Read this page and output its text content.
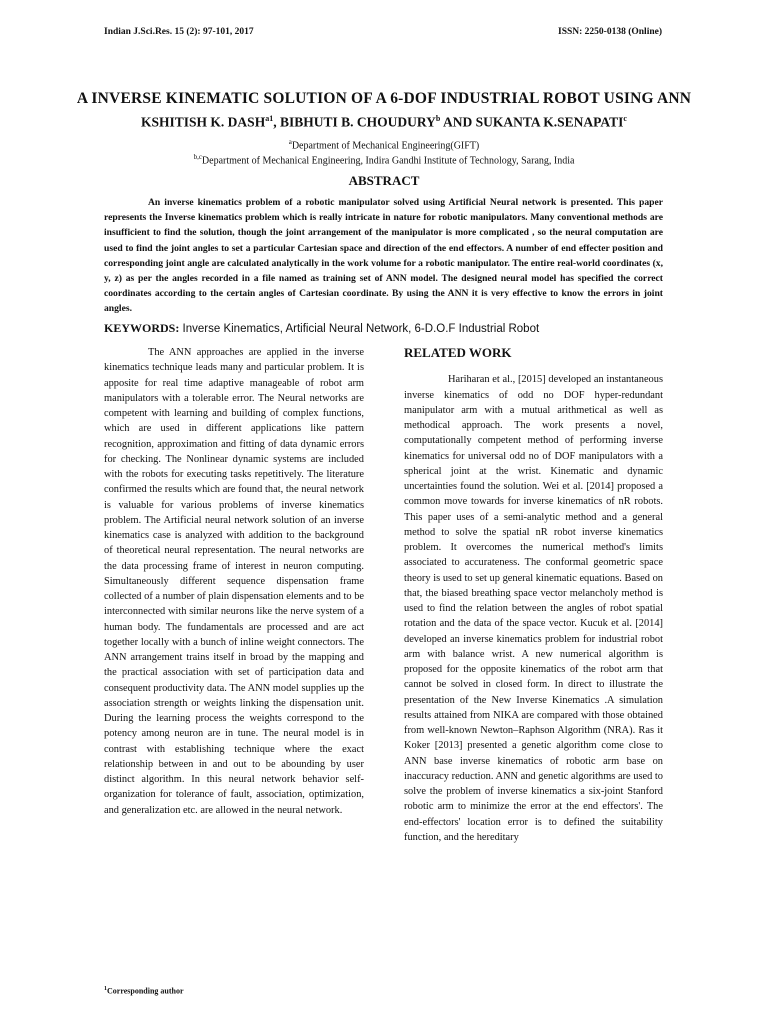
Indian J.Sci.Res. 15 (2): 97-101, 2017	ISSN: 2250-0138 (Online)
A INVERSE KINEMATIC SOLUTION OF A 6-DOF INDUSTRIAL ROBOT USING ANN
KSHITISH K. $DASH^{a1}$, BIBHUTI B. CHOUDURY$^b$ AND SUKANTA K.SENAPATI$^c$
$^a$Department of Mechanical Engineering(GIFT)
$^{b,c}$Department of Mechanical Engineering, Indira Gandhi Institute of Technology, Sarang, India
ABSTRACT
An inverse kinematics problem of a robotic manipulator solved using Artificial Neural network is presented. This paper represents the Inverse kinematics problem which is really intricate in nature for robotic manipulators. Many conventional methods are insufficient to find the solution, though the joint arrangement of the manipulator is more complicated , so the neural computation are used to find the joint angles to set a particular Cartesian space and direction of the end effectors. A number of end effecter position and corresponding joint angle are calculated analytically in the work volume for a robotic manipulator. The entire real-world coordinates (x, y, z) as per the angles recorded in a file named as training set of ANN model. The designed neural model has specified the correct coordinates according to the certain angles of Cartesian coordinate. By using the ANN it is very effective to know the errors in joint angles.
KEYWORDS: Inverse Kinematics, Artificial Neural Network, 6-D.O.F Industrial Robot

The ANN approaches are applied in the inverse kinematics technique leads many and particular problem. It is apposite for real time adaptive manageable of robot arm manipulators with a tolerable error. The Neural networks are competent with learning and building of complex functions, which are used in different applications like pattern recognition, approximation and fitting of data dynamic errors for checking. The Nonlinear dynamic systems are included with the robots for executing tasks repetitively. The literature confirmed the results which are found that, the neural network is valuable for various problems of inverse kinematics problem. The Artificial neural network solution of an inverse kinematics case is analyzed with addition to the background of theoretical neural representation. The neural networks are the data processing frame of interest in neuron computing. Simultaneously different sequence dispensation frame collected of a number of plain dispensation elements and to be interconnected with similar neurons like the nerve system of a human body. The fundamentals are processed and are act together locally with a bunch of inline weight connectors. The ANN arrangement trains itself in broad by the mapping and the practical association with set of participation data and consequent productivity data. The ANN model supplies up the association strength or weights linking the dispensation unit. During the learning process the weights correspond to the potency among neuron are in tune. The neural model is in contrast with establishing technique where the exact relationship between in and out to be abounding by user distinct algorithm. In this neural network behavior self-organization for tolerance of fault, association, optimization, and generalization etc. are allowed in the neural network.

RELATED WORK

Hariharan et al., [2015] developed an instantaneous inverse kinematics of odd no DOF hyper-redundant manipulator arm with a mutual arithmetical as well as methodical approach. The work presents a novel, computationally competent method of performing inverse kinematics for universal odd no of DOF manipulators with a spherical joint at the wrist. Kinematic and dynamic uncertainties found the solution. Wei et al. [2014] proposed a common move towards for inverse kinematics of nR robots. This paper uses of a semi-analytic method and a general method to solve the spatial nR robot inverse kinematics problem. It overcomes the numerical method's limits associated to accurateness. The conformal geometric space theory is used to set up general kinematic equations. Based on that, the biased breathing space vector melancholy method is used to find the relation between the angles of robot spatial rotation and the data of the space vector. Kucuk et al. [2014] developed an inverse kinematics problem for industrial robot arm with balance wrist. A new numerical algorithm is proposed for the opposite kinematics of the robot arm that cannot be solved in closed form. In direct to illustrate the presentation of the New Inverse Kinematics .A simulation results attained from NIKA are compared with those obtained from well-known Newton–Raphson Algorithm (NRA). Ras it Koker [2013] presented a genetic algorithm come close to ANN base inverse kinematics of robotic arm base on inaccuracy reduction. ANN and genetic algorithms are used to solve the problem of inverse kinematics a six-joint Stanford robotic arm to minimize the error at the end effectors'. The end-effectors' location error is to defined the suitability function, and the hereditary

$^1$Corresponding author
